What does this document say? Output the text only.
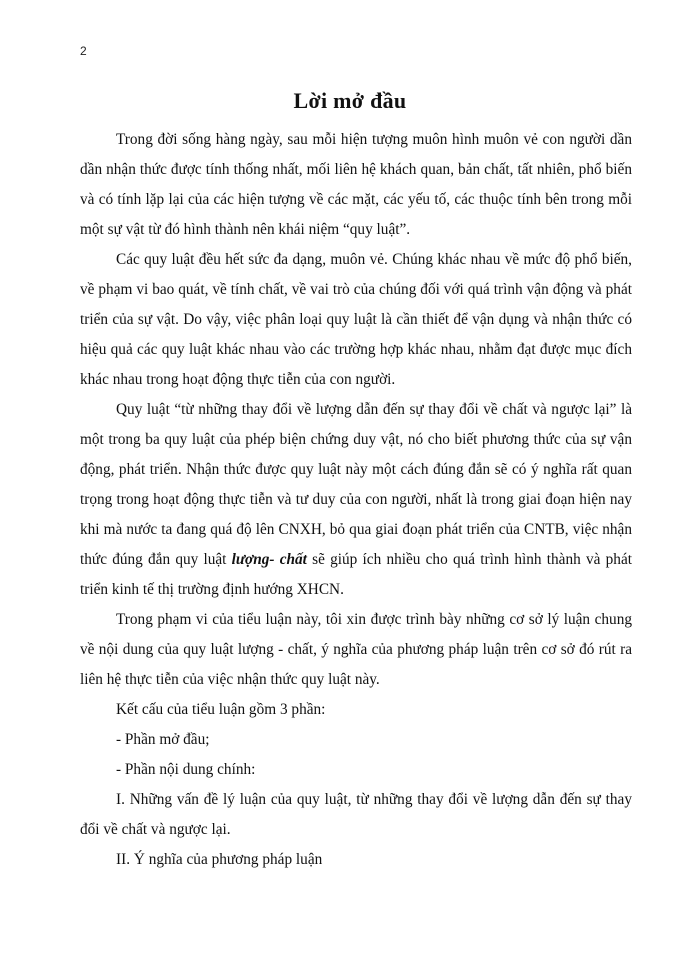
2
Lời mở đầu

Trong đời sống hàng ngày, sau mỗi hiện tượng muôn hình muôn vẻ con người dần dần nhận thức được tính thống nhất, mối liên hệ khách quan, bản chất, tất nhiên, phổ biến và có tính lặp lại của các hiện tượng về các mặt, các yếu tố, các thuộc tính bên trong mỗi một sự vật từ đó hình thành nên khái niệm “quy luật”.

Các quy luật đều hết sức đa dạng, muôn vẻ. Chúng khác nhau về mức độ phổ biến, về phạm vi bao quát, về tính chất, về vai trò của chúng đối với quá trình vận động và phát triển của sự vật. Do vậy, việc phân loại quy luật là cần thiết để vận dụng và nhận thức có hiệu quả các quy luật khác nhau vào các trường hợp khác nhau, nhằm đạt được mục đích khác nhau trong hoạt động thực tiễn của con người.

Quy luật “từ những thay đổi về lượng dẫn đến sự thay đổi về chất và ngược lại” là một trong ba quy luật của phép biện chứng duy vật, nó cho biết phương thức của sự vận động, phát triển. Nhận thức được quy luật này một cách đúng đắn sẽ có ý nghĩa rất quan trọng trong hoạt động thực tiễn và tư duy của con người, nhất là trong giai đoạn hiện nay khi mà nước ta đang quá độ lên CNXH, bỏ qua giai đoạn phát triển của CNTB, việc nhận thức đúng đắn quy luật lượng- chất sẽ giúp ích nhiều cho quá trình hình thành và phát triển kinh tế thị trường định hướng XHCN.

Trong phạm vi của tiểu luận này, tôi xin được trình bày những cơ sở lý luận chung về nội dung của quy luật lượng - chất, ý nghĩa của phương pháp luận trên cơ sở đó rút ra liên hệ thực tiễn của việc nhận thức quy luật này.

Kết cấu của tiểu luận gồm 3 phần:

- Phần mở đầu;

- Phần nội dung chính:

I. Những vấn đề lý luận của quy luật, từ những thay đổi về lượng dẫn đến sự thay đổi về chất và ngược lại.

II. Ý nghĩa của phương pháp luận
